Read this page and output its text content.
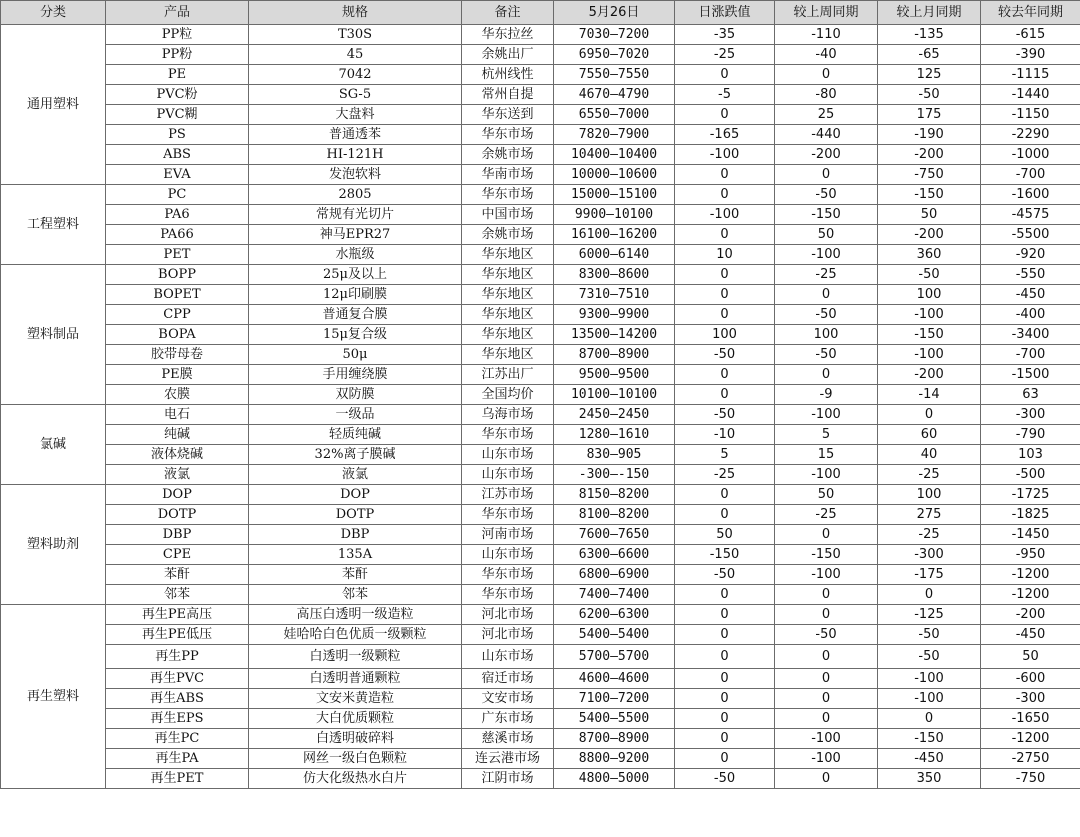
分类	产品	规格	备注	5月26日	日涨跌值	较上周同期	较上月同期	较去年同期
通用塑料	PP粒	T30S	华东拉丝	7030—7200	-35	-110	-135	-615
	PP粉	45	余姚出厂	6950—7020	-25	-40	-65	-390
	PE	7042	杭州线性	7550—7550	0	0	125	-1115
	PVC粉	SG-5	常州自提	4670—4790	-5	-80	-50	-1440
	PVC糊	大盘料	华东送到	6550—7000	0	25	175	-1150
	PS	普通透苯	华东市场	7820—7900	-165	-440	-190	-2290
	ABS	HI-121H	余姚市场	10400—10400	-100	-200	-200	-1000
	EVA	发泡软料	华南市场	10000—10600	0	0	-750	-700
工程塑料	PC	2805	华东市场	15000—15100	0	-50	-150	-1600
	PA6	常规有光切片	中国市场	9900—10100	-100	-150	50	-4575
	PA66	神马EPR27	余姚市场	16100—16200	0	50	-200	-5500
	PET	水瓶级	华东地区	6000—6140	10	-100	360	-920
塑料制品	BOPP	25μ及以上	华东地区	8300—8600	0	-25	-50	-550
	BOPET	12μ印刷膜	华东地区	7310—7510	0	0	100	-450
	CPP	普通复合膜	华东地区	9300—9900	0	-50	-100	-400
	BOPA	15μ复合级	华东地区	13500—14200	100	100	-150	-3400
	胶带母卷	50μ	华东地区	8700—8900	-50	-50	-100	-700
	PE膜	手用缠绕膜	江苏出厂	9500—9500	0	0	-200	-1500
	农膜	双防膜	全国均价	10100—10100	0	-9	-14	63
氯碱	电石	一级品	乌海市场	2450—2450	-50	-100	0	-300
	纯碱	轻质纯碱	华东市场	1280—1610	-10	5	60	-790
	液体烧碱	32%离子膜碱	山东市场	830—905	5	15	40	103
	液氯	液氯	山东市场	-300—-150	-25	-100	-25	-500
塑料助剂	DOP	DOP	江苏市场	8150—8200	0	50	100	-1725
	DOTP	DOTP	华东市场	8100—8200	0	-25	275	-1825
	DBP	DBP	河南市场	7600—7650	50	0	-25	-1450
	CPE	135A	山东市场	6300—6600	-150	-150	-300	-950
	苯酐	苯酐	华东市场	6800—6900	-50	-100	-175	-1200
	邻苯	邻苯	华东市场	7400—7400	0	0	0	-1200
再生塑料	再生PE高压	高压白透明一级造粒	河北市场	6200—6300	0	0	-125	-200
	再生PE低压	娃哈哈白色优质一级颗粒	河北市场	5400—5400	0	-50	-50	-450
	再生PP	白透明一级颗粒	山东市场	5700—5700	0	0	-50	50
	再生PVC	白透明普通颗粒	宿迁市场	4600—4600	0	0	-100	-600
	再生ABS	文安米黄造粒	文安市场	7100—7200	0	0	-100	-300
	再生EPS	大白优质颗粒	广东市场	5400—5500	0	0	0	-1650
	再生PC	白透明破碎料	慈溪市场	8700—8900	0	-100	-150	-1200
	再生PA	网丝一级白色颗粒	连云港市场	8800—9200	0	-100	-450	-2750
	再生PET	仿大化级热水白片	江阴市场	4800—5000	-50	0	350	-750
